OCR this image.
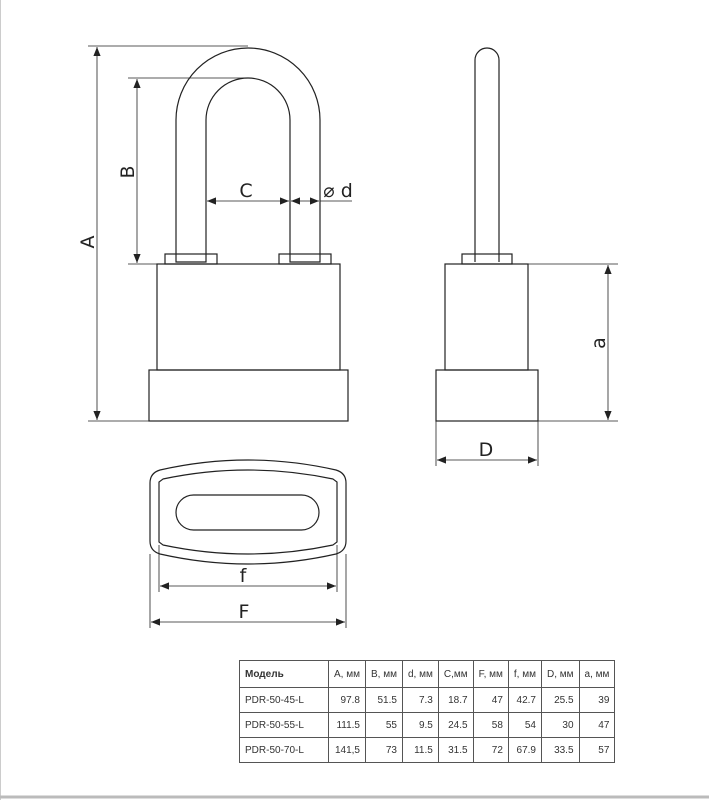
A
B
C	⌀ d
a
D
f
F
Модель	A, мм	B, мм	d, мм	C,мм	F, мм	f, мм	D, мм	a, мм
PDR-50-45-L	97.8	51.5	7.3	18.7	47	42.7	25.5	39
PDR-50-55-L	111.5	55	9.5	24.5	58	54	30	47
PDR-50-70-L	141,5	73	11.5	31.5	72	67.9	33.5	57
